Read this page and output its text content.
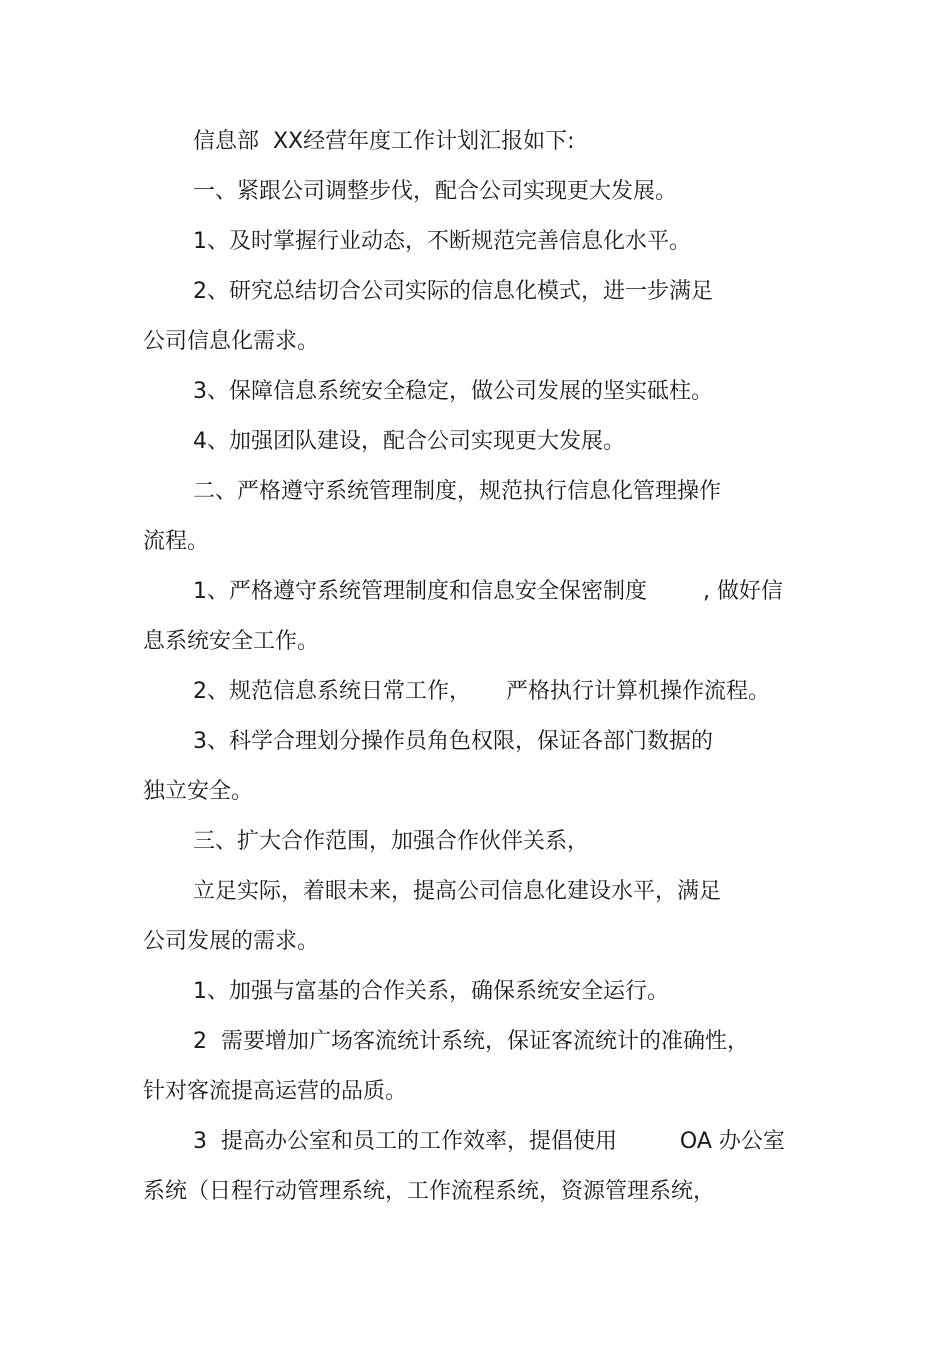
信息部  XX经营年度工作计划汇报如下:

一、紧跟公司调整步伐，配合公司实现更大发展。

1、及时掌握行业动态，不断规范完善信息化水平。

2、研究总结切合公司实际的信息化模式，进一步满足

公司信息化需求。

3、保障信息系统安全稳定，做公司发展的坚实砥柱。

4、加强团队建设，配合公司实现更大发展。

二、严格遵守系统管理制度，规范执行信息化管理操作

流程。

1、严格遵守系统管理制度和信息安全保密制度        , 做好信

息系统安全工作。

2、规范信息系统日常工作，     严格执行计算机操作流程。

3、科学合理划分操作员角色权限，保证各部门数据的

独立安全。

三、扩大合作范围，加强合作伙伴关系，

立足实际，着眼未来，提高公司信息化建设水平，满足

公司发展的需求。

1、加强与富基的合作关系，确保系统安全运行。

2  需要增加广场客流统计系统，保证客流统计的准确性，

针对客流提高运营的品质。

3  提高办公室和员工的工作效率，提倡使用         OA 办公室

系统（日程行动管理系统，工作流程系统，资源管理系统，
